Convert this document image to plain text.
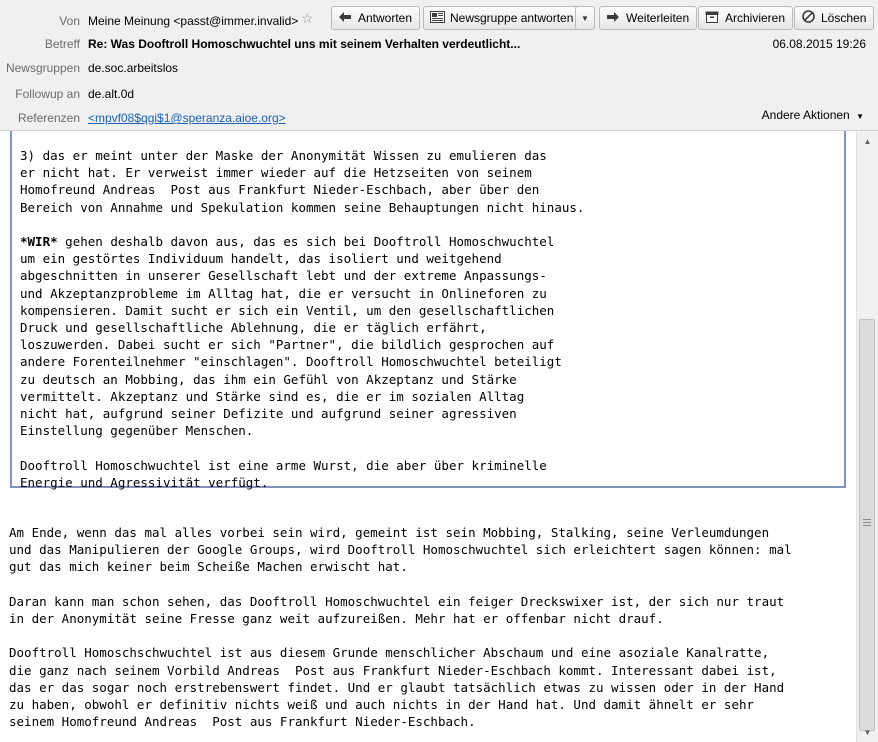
Von Meine Meinung <passt@immer.invalid> ☆	Antworten	Newsgruppe antworten ▼	Weiterleiten	Archivieren	Löschen
Betreff Re: Was Dooftroll Homoschwuchtel uns mit seinem Verhalten verdeutlicht...	06.08.2015 19:26
Newsgruppen de.soc.arbeitslos
Followup an de.alt.0d
Referenzen <mpvf08$qgi$1@speranza.aioe.org>	Andere Aktionen ▼
3) das er meint unter der Maske der Anonymität Wissen zu emulieren das
er nicht hat. Er verweist immer wieder auf die Hetzseiten von seinem
Homofreund Andreas  Post aus Frankfurt Nieder-Eschbach, aber über den
Bereich von Annahme und Spekulation kommen seine Behauptungen nicht hinaus.

*WIR* gehen deshalb davon aus, das es sich bei Dooftroll Homoschwuchtel
um ein gestörtes Individuum handelt, das isoliert und weitgehend
abgeschnitten in unserer Gesellschaft lebt und der extreme Anpassungs-
und Akzeptanzprobleme im Alltag hat, die er versucht in Onlineforen zu
kompensieren. Damit sucht er sich ein Ventil, um den gesellschaftlichen
Druck und gesellschaftliche Ablehnung, die er täglich erfährt,
loszuwerden. Dabei sucht er sich "Partner", die bildlich gesprochen auf
andere Forenteilnehmer "einschlagen". Dooftroll Homoschwuchtel beteiligt
zu deutsch an Mobbing, das ihm ein Gefühl von Akzeptanz und Stärke
vermittelt. Akzeptanz und Stärke sind es, die er im sozialen Alltag
nicht hat, aufgrund seiner Defizite und aufgrund seiner agressiven
Einstellung gegenüber Menschen.

Dooftroll Homoschwuchtel ist eine arme Wurst, die aber über kriminelle
Energie und Agressivität verfügt.
Am Ende, wenn das mal alles vorbei sein wird, gemeint ist sein Mobbing, Stalking, seine Verleumdungen
und das Manipulieren der Google Groups, wird Dooftroll Homoschwuchtel sich erleichtert sagen können: mal
gut das mich keiner beim Scheiße Machen erwischt hat.

Daran kann man schon sehen, das Dooftroll Homoschwuchtel ein feiger Dreckswixer ist, der sich nur traut
in der Anonymität seine Fresse ganz weit aufzureißen. Mehr hat er offenbar nicht drauf.

Dooftroll Homoschschwuchtel ist aus diesem Grunde menschlicher Abschaum und eine asoziale Kanalratte,
die ganz nach seinem Vorbild Andreas  Post aus Frankfurt Nieder-Eschbach kommt. Interessant dabei ist,
das er das sogar noch erstrebenswert findet. Und er glaubt tatsächlich etwas zu wissen oder in der Hand
zu haben, obwohl er definitiv nichts weiß und auch nichts in der Hand hat. Und damit ähnelt er sehr
seinem Homofreund Andreas  Post aus Frankfurt Nieder-Eschbach.
▲
▼
